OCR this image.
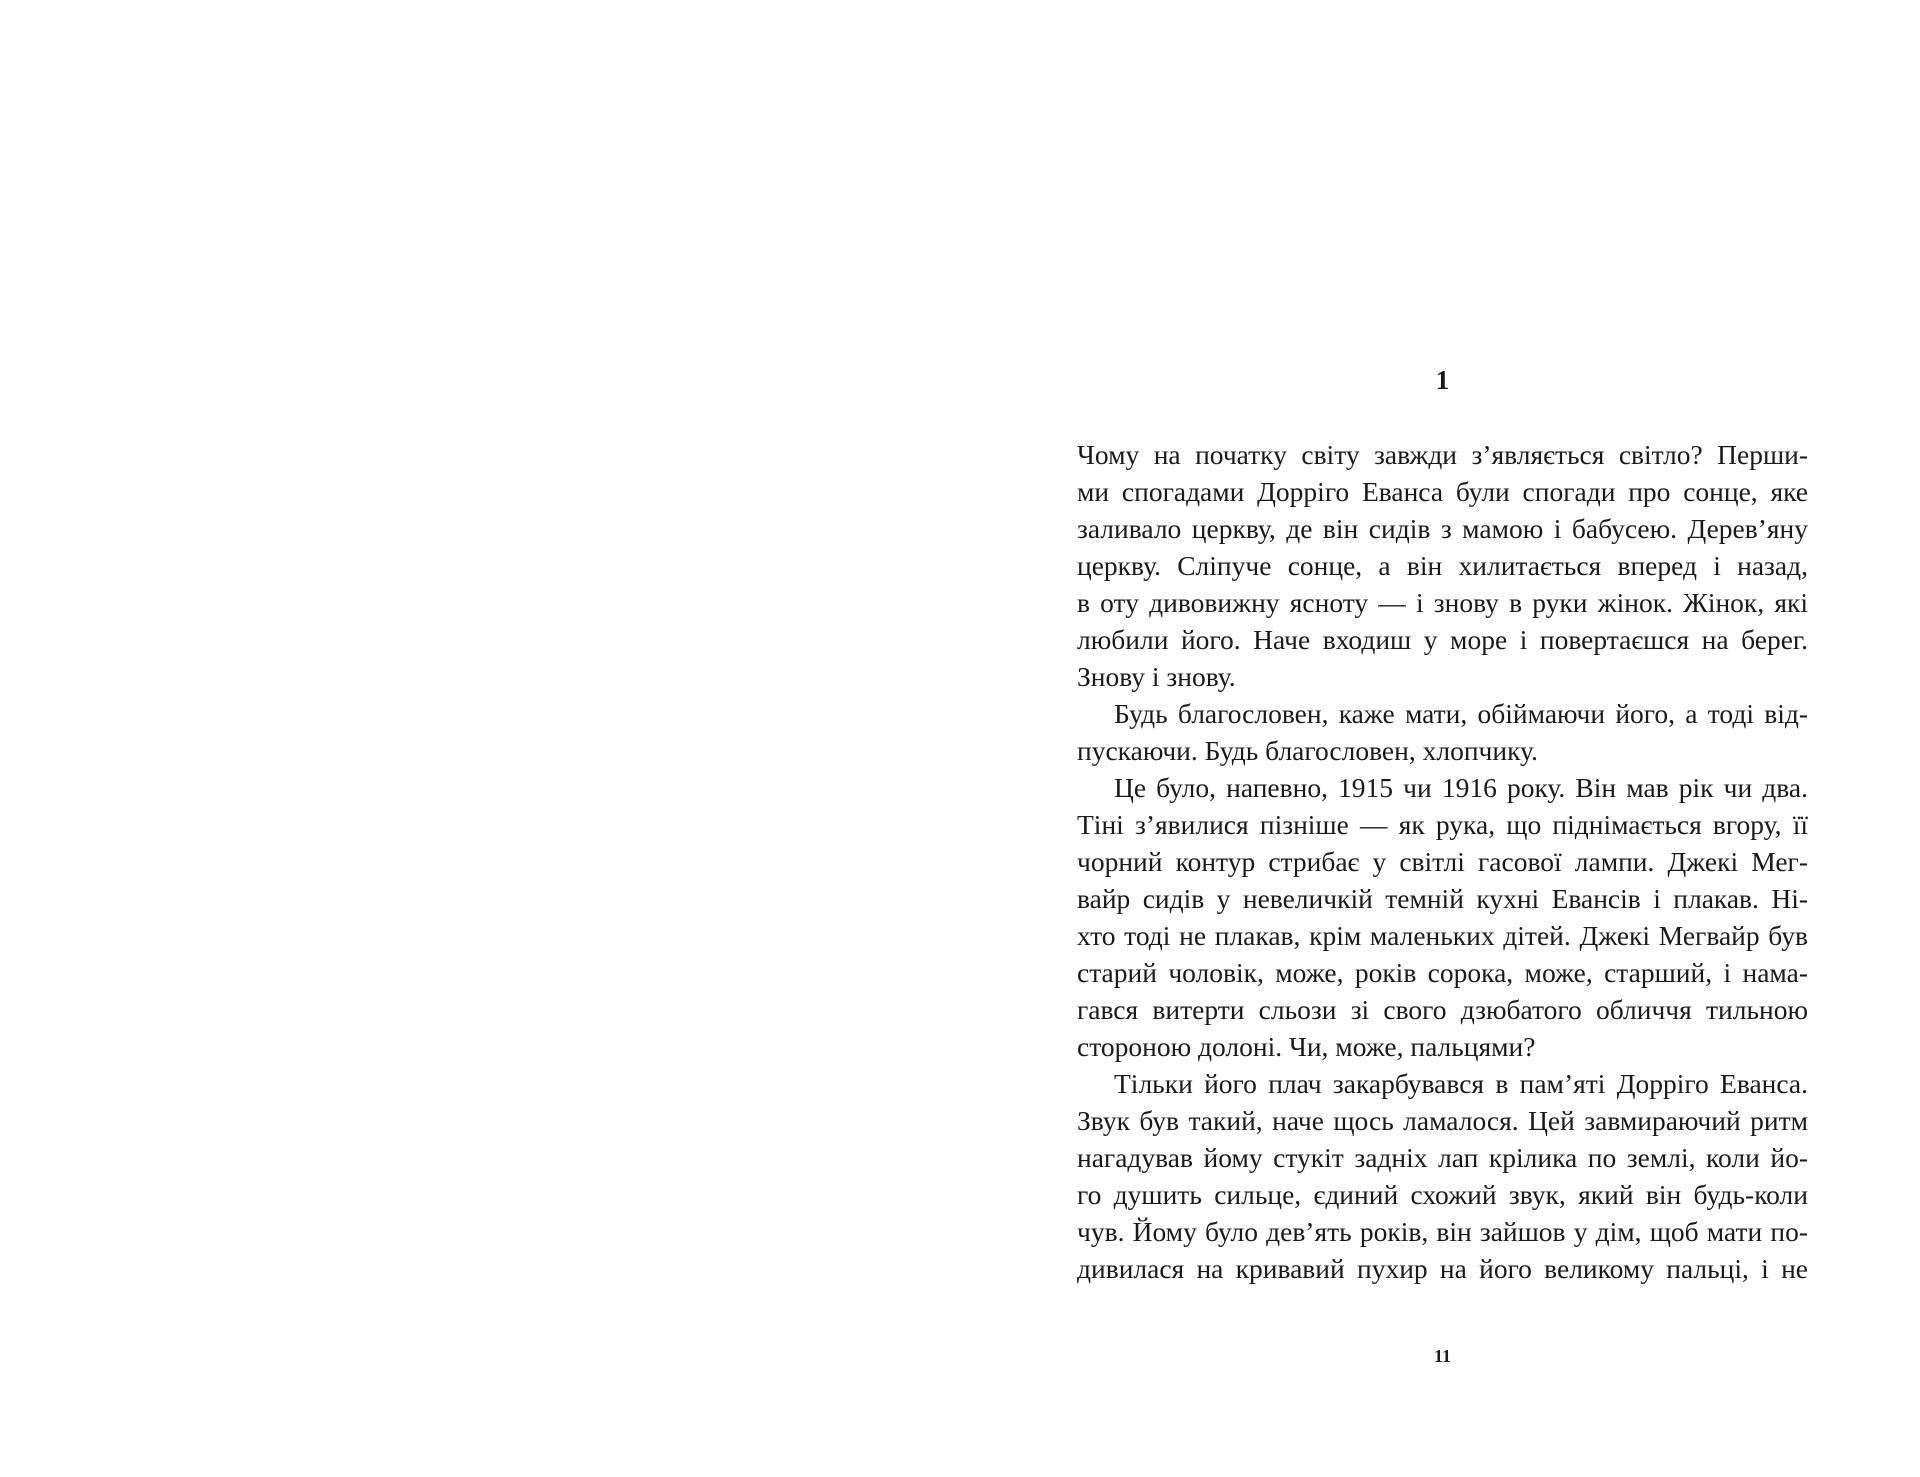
1
Чому на початку світу завжди з’являється світло? Перши-
ми спогадами Дорріго Еванса були спогади про сонце, яке
заливало церкву, де він сидів з мамою і бабусею. Дерев’яну
церкву. Сліпуче сонце, а він хилитається вперед і назад,
в оту дивовижну ясноту — і знову в руки жінок. Жінок, які
любили його. Наче входиш у море і повертаєшся на берег.
Знову і знову.
Будь благословен, каже мати, обіймаючи його, а тоді від-
пускаючи. Будь благословен, хлопчику.
Це було, напевно, 1915 чи 1916 року. Він мав рік чи два.
Тіні з’явилися пізніше — як рука, що піднімається вгору, її
чорний контур стрибає у світлі гасової лампи. Джекі Мег-
вайр сидів у невеличкій темній кухні Евансів і плакав. Ні-
хто тоді не плакав, крім маленьких дітей. Джекі Мегвайр був
старий чоловік, може, років сорока, може, старший, і нама-
гався витерти сльози зі свого дзюбатого обличчя тильною
стороною долоні. Чи, може, пальцями?
Тільки його плач закарбувався в пам’яті Дорріго Еванса.
Звук був такий, наче щось ламалося. Цей завмираючий ритм
нагадував йому стукіт задніх лап крілика по землі, коли йо-
го душить сильце, єдиний схожий звук, який він будь-коли
чув. Йому було дев’ять років, він зайшов у дім, щоб мати по-
дивилася на кривавий пухир на його великому пальці, і не
11
